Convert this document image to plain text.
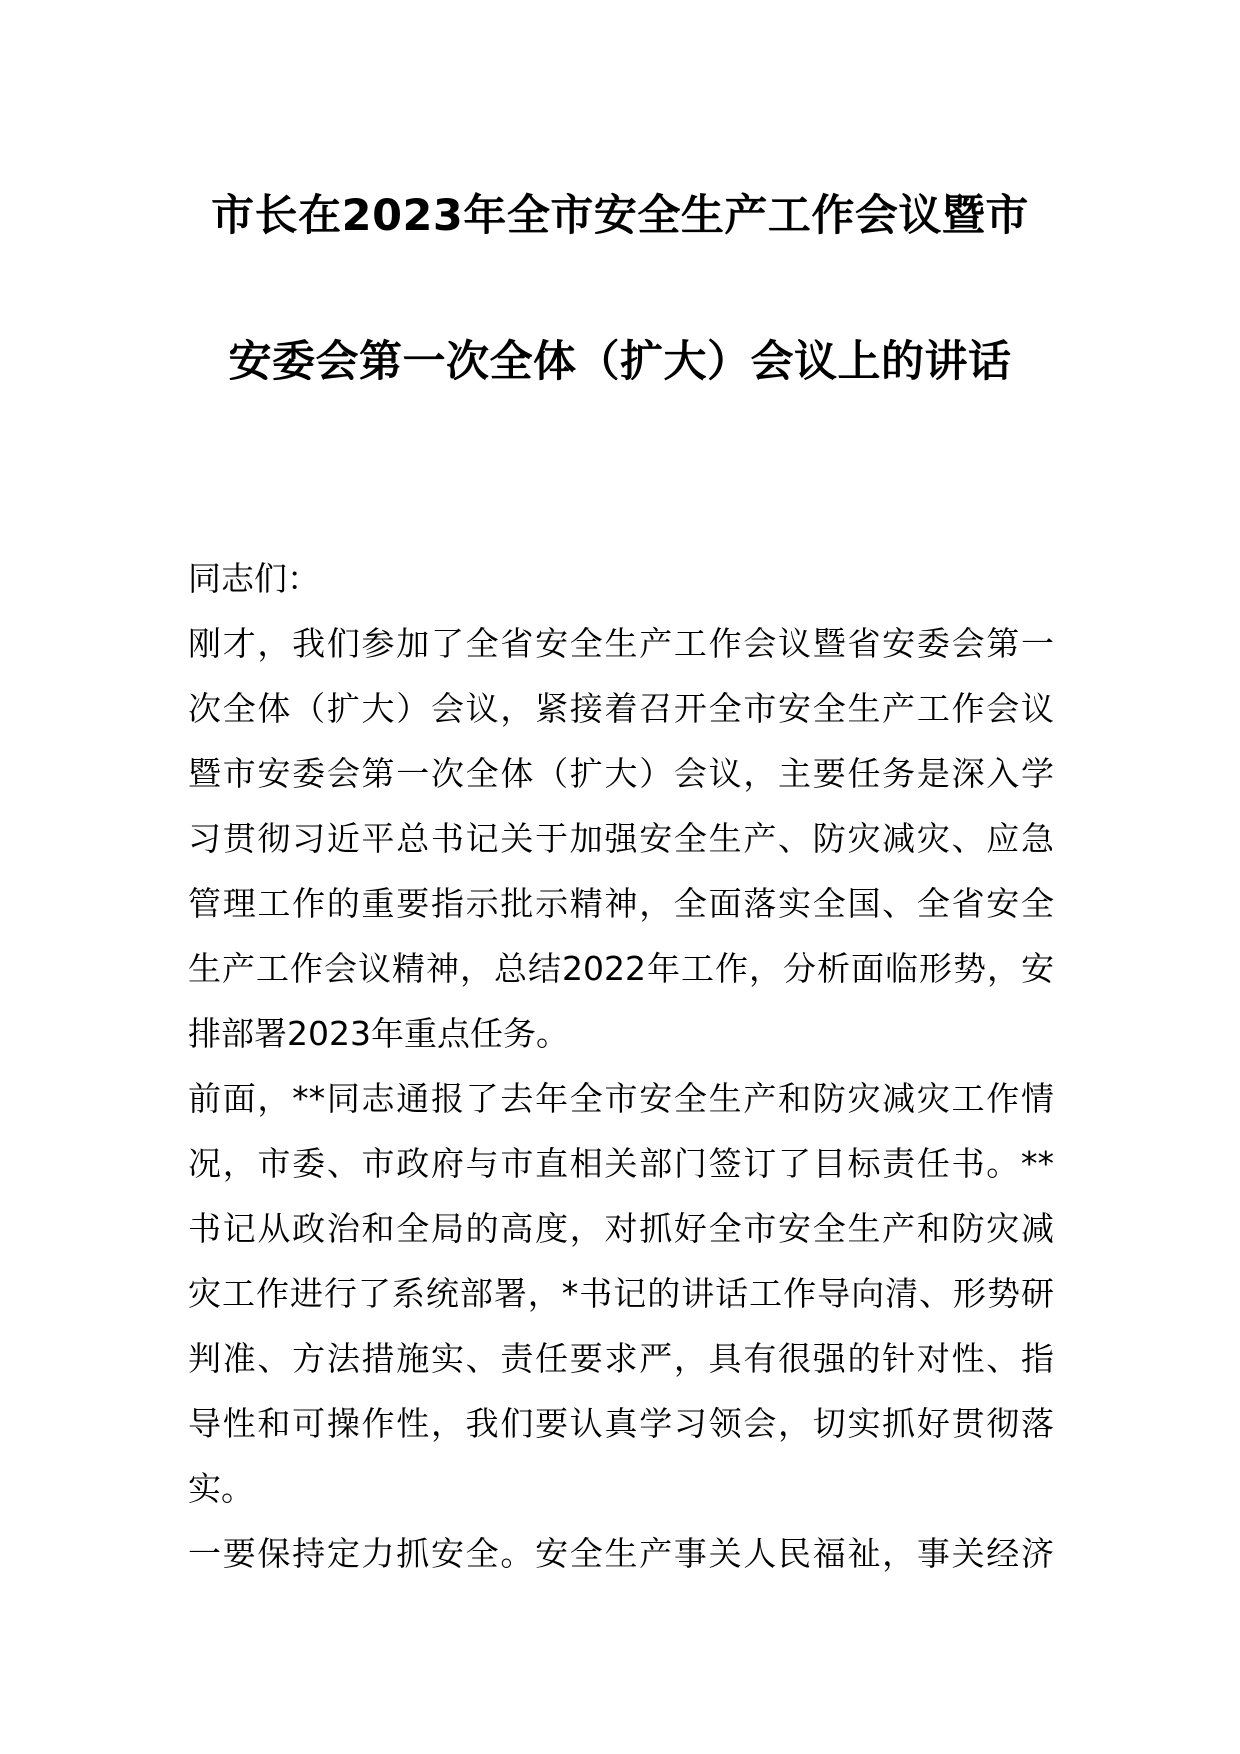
市长在2023年全市安全生产工作会议暨市
安委会第一次全体（扩大）会议上的讲话
同志们：
刚才，我们参加了全省安全生产工作会议暨省安委会第一
次全体（扩大）会议，紧接着召开全市安全生产工作会议
暨市安委会第一次全体（扩大）会议，主要任务是深入学
习贯彻习近平总书记关于加强安全生产、防灾减灾、应急
管理工作的重要指示批示精神，全面落实全国、全省安全
生产工作会议精神，总结2022年工作，分析面临形势，安
排部署2023年重点任务。
前面，**同志通报了去年全市安全生产和防灾减灾工作情
况，市委、市政府与市直相关部门签订了目标责任书。**
书记从政治和全局的高度，对抓好全市安全生产和防灾减
灾工作进行了系统部署，*书记的讲话工作导向清、形势研
判准、方法措施实、责任要求严，具有很强的针对性、指
导性和可操作性，我们要认真学习领会，切实抓好贯彻落
实。
一要保持定力抓安全。安全生产事关人民福祉，事关经济
